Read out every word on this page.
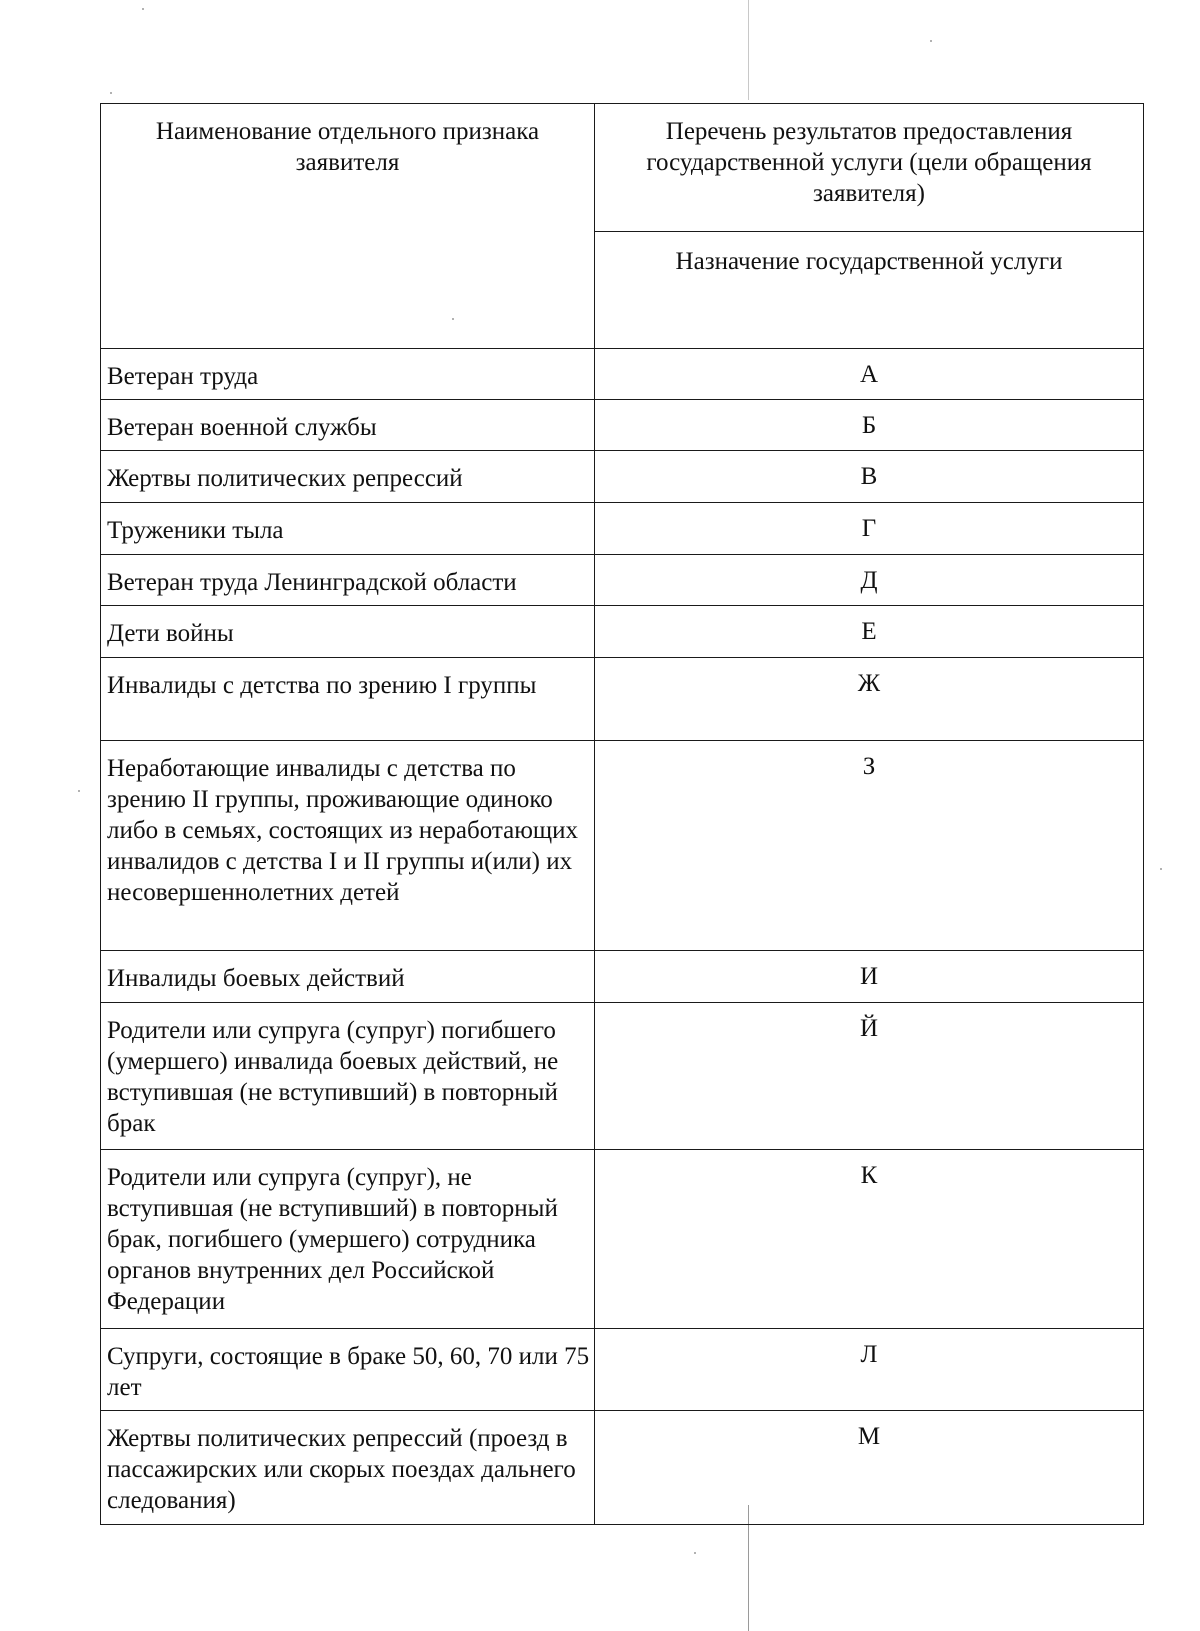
Наименование отдельного признака заявителя	Перечень результатов предоставления государственной услуги (цели обращения заявителя)
	Назначение государственной услуги
Ветеран труда	А
Ветеран военной службы	Б
Жертвы политических репрессий	В
Труженики тыла	Г
Ветеран труда Ленинградской области	Д
Дети войны	Е
Инвалиды с детства по зрению I группы	Ж
Неработающие инвалиды с детства по зрению II группы, проживающие одиноко либо в семьях, состоящих из неработающих инвалидов с детства I и II группы и(или) их несовершеннолетних детей	З
Инвалиды боевых действий	И
Родители или супруга (супруг) погибшего (умершего) инвалида боевых действий, не вступившая (не вступивший) в повторный брак	Й
Родители или супруга (супруг), не вступившая (не вступивший) в повторный брак, погибшего (умершего) сотрудника органов внутренних дел Российской Федерации	К
Супруги, состоящие в браке 50, 60, 70 или 75 лет	Л
Жертвы политических репрессий (проезд в пассажирских или скорых поездах дальнего следования)	М
